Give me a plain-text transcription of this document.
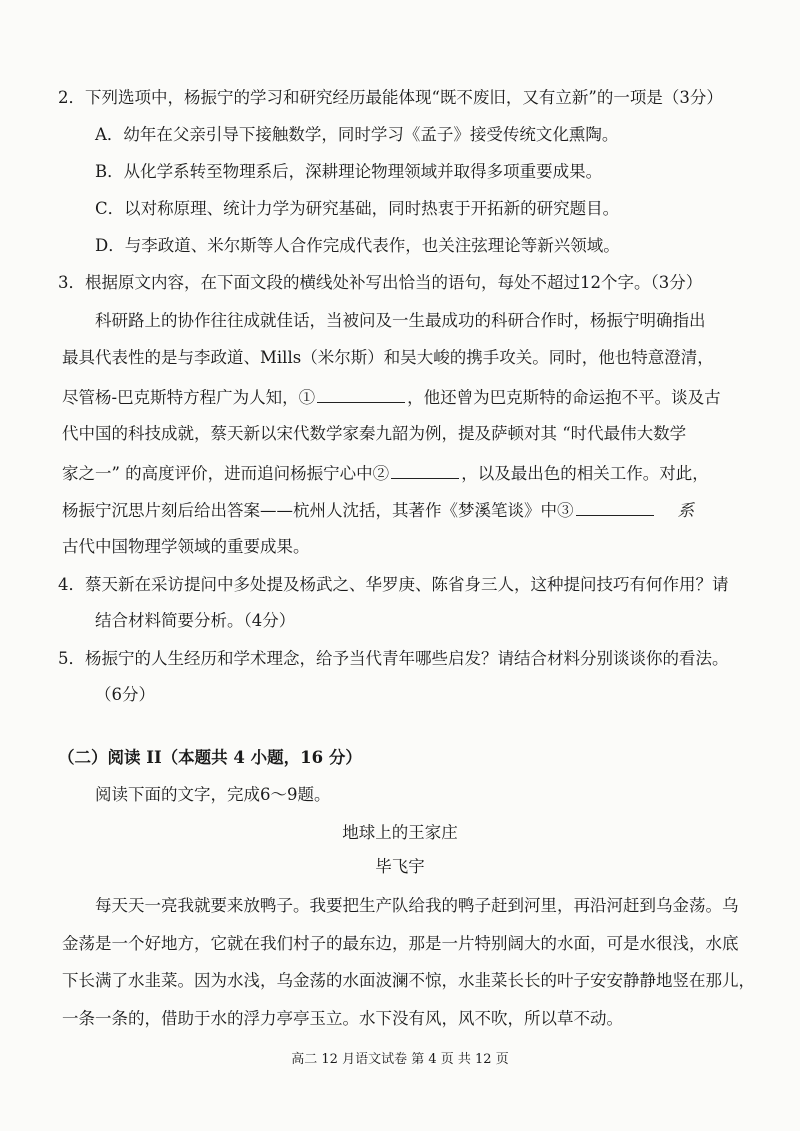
2．下列选项中，杨振宁的学习和研究经历最能体现“既不废旧，又有立新”的一项是（3分）
A．幼年在父亲引导下接触数学，同时学习《孟子》接受传统文化熏陶。
B．从化学系转至物理系后，深耕理论物理领域并取得多项重要成果。
C．以对称原理、统计力学为研究基础，同时热衷于开拓新的研究题目。
D．与李政道、米尔斯等人合作完成代表作，也关注弦理论等新兴领域。
3．根据原文内容，在下面文段的横线处补写出恰当的语句，每处不超过12个字。（3分）
科研路上的协作往往成就佳话，当被问及一生最成功的科研合作时，杨振宁明确指出
最具代表性的是与李政道、Mills（米尔斯）和吴大峻的携手攻关。同时，他也特意澄清，
尽管杨-巴克斯特方程广为人知，①	，他还曾为巴克斯特的命运抱不平。谈及古
代中国的科技成就，蔡天新以宋代数学家秦九韶为例，提及萨顿对其 “时代最伟大数学
家之一” 的高度评价，进而追问杨振宁心中②	，以及最出色的相关工作。对此，
杨振宁沉思片刻后给出答案——杭州人沈括，其著作《梦溪笔谈》中③	系
古代中国物理学领域的重要成果。
4．蔡天新在采访提问中多处提及杨武之、华罗庚、陈省身三人，这种提问技巧有何作用？请
结合材料简要分析。（4分）
5．杨振宁的人生经历和学术理念，给予当代青年哪些启发？请结合材料分别谈谈你的看法。
（6分）
（二）阅读 II（本题共 4 小题，16 分）
阅读下面的文字，完成6～9题。
地球上的王家庄
毕飞宇
每天天一亮我就要来放鸭子。我要把生产队给我的鸭子赶到河里，再沿河赶到乌金荡。乌
金荡是一个好地方，它就在我们村子的最东边，那是一片特别阔大的水面，可是水很浅，水底
下长满了水韭菜。因为水浅，乌金荡的水面波澜不惊，水韭菜长长的叶子安安静静地竖在那儿，
一条一条的，借助于水的浮力亭亭玉立。水下没有风，风不吹，所以草不动。
高二 12 月语文试卷 第 4 页 共 12 页
